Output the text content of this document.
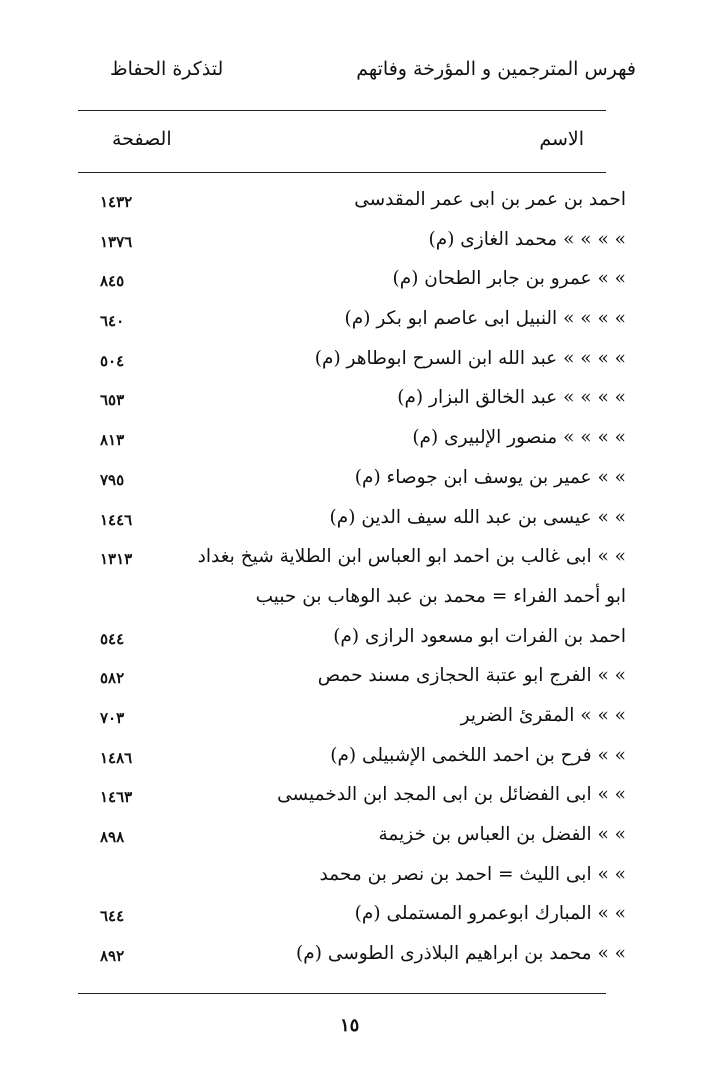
فهرس المترجمين و المؤرخة وفاتهم
لتذكرة الحفاظ
الاسم
الصفحة
احمد بن عمر بن ابى عمر المقدسى
١٤٣٢
» » » » محمد الغازى (م)
١٣٧٦
» » عمرو بن جابر الطحان (م)
٨٤٥
» » » » النبيل ابى عاصم ابو بكر (م)
٦٤٠
» » » » عبد الله ابن السرح ابوطاهر (م)
٥٠٤
» » » » عبد الخالق البزار (م)
٦٥٣
» » » » منصور الإلبيرى (م)
٨١٣
» » عمير بن يوسف ابن جوصاء (م)
٧٩٥
» » عيسى بن عبد الله سيف الدين (م)
١٤٤٦
» » ابى غالب بن احمد ابو العباس ابن الطلاية شيخ بغداد
١٣١٣
ابو أحمد الفراء = محمد بن عبد الوهاب بن حبيب
احمد بن الفرات ابو مسعود الرازى (م)
٥٤٤
» » الفرج ابو عتبة الحجازى مسند حمص
٥٨٢
» » » المقرئ الضرير
٧٠٣
» » فرح بن احمد اللخمى الإشبيلى (م)
١٤٨٦
» » ابى الفضائل بن ابى المجد ابن الدخميسى
١٤٦٣
» » الفضل بن العباس بن خزيمة
٨٩٨
» » ابى الليث = احمد بن نصر بن محمد
» » المبارك ابوعمرو المستملى (م)
٦٤٤
» » محمد بن ابراهيم البلاذرى الطوسى (م)
٨٩٢
١٥
